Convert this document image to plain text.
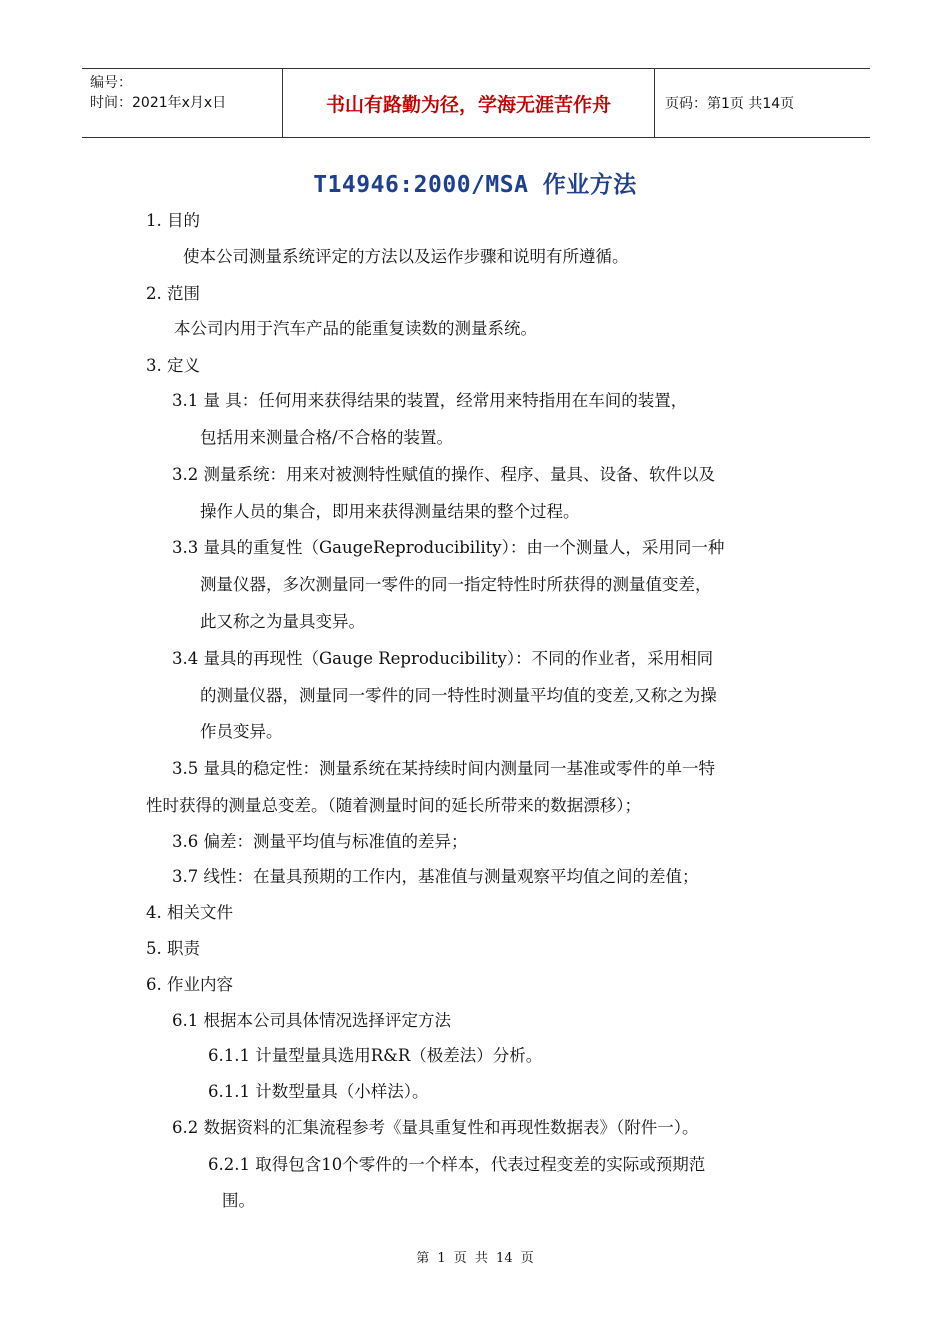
编号：
时间：2021年x月x日	书山有路勤为径，学海无涯苦作舟	页码：第1页 共14页
T14946:2000/MSA 作业方法
1. 目的
使本公司测量系统评定的方法以及运作步骤和说明有所遵循。
2. 范围
本公司内用于汽车产品的能重复读数的测量系统。
3. 定义
3.1 量 具：任何用来获得结果的装置，经常用来特指用在车间的装置，
包括用来测量合格/不合格的装置。
3.2 测量系统：用来对被测特性赋值的操作、程序、量具、设备、软件以及
操作人员的集合，即用来获得测量结果的整个过程。
3.3 量具的重复性（GaugeReproducibility）：由一个测量人，采用同一种
测量仪器，多次测量同一零件的同一指定特性时所获得的测量值变差，
此又称之为量具变异。
3.4 量具的再现性（Gauge Reproducibility）：不同的作业者，采用相同
的测量仪器，测量同一零件的同一特性时测量平均值的变差,又称之为操
作员变异。
3.5 量具的稳定性：测量系统在某持续时间内测量同一基准或零件的单一特
性时获得的测量总变差。（随着测量时间的延长所带来的数据漂移）；
3.6 偏差：测量平均值与标准值的差异；
3.7 线性：在量具预期的工作内，基准值与测量观察平均值之间的差值；
4. 相关文件
5. 职责
6. 作业内容
6.1 根据本公司具体情况选择评定方法
6.1.1 计量型量具选用R&R（极差法）分析。
6.1.1 计数型量具（小样法）。
6.2 数据资料的汇集流程参考《量具重复性和再现性数据表》（附件一）。
6.2.1 取得包含10个零件的一个样本，代表过程变差的实际或预期范
围。
第 1 页 共 14 页
